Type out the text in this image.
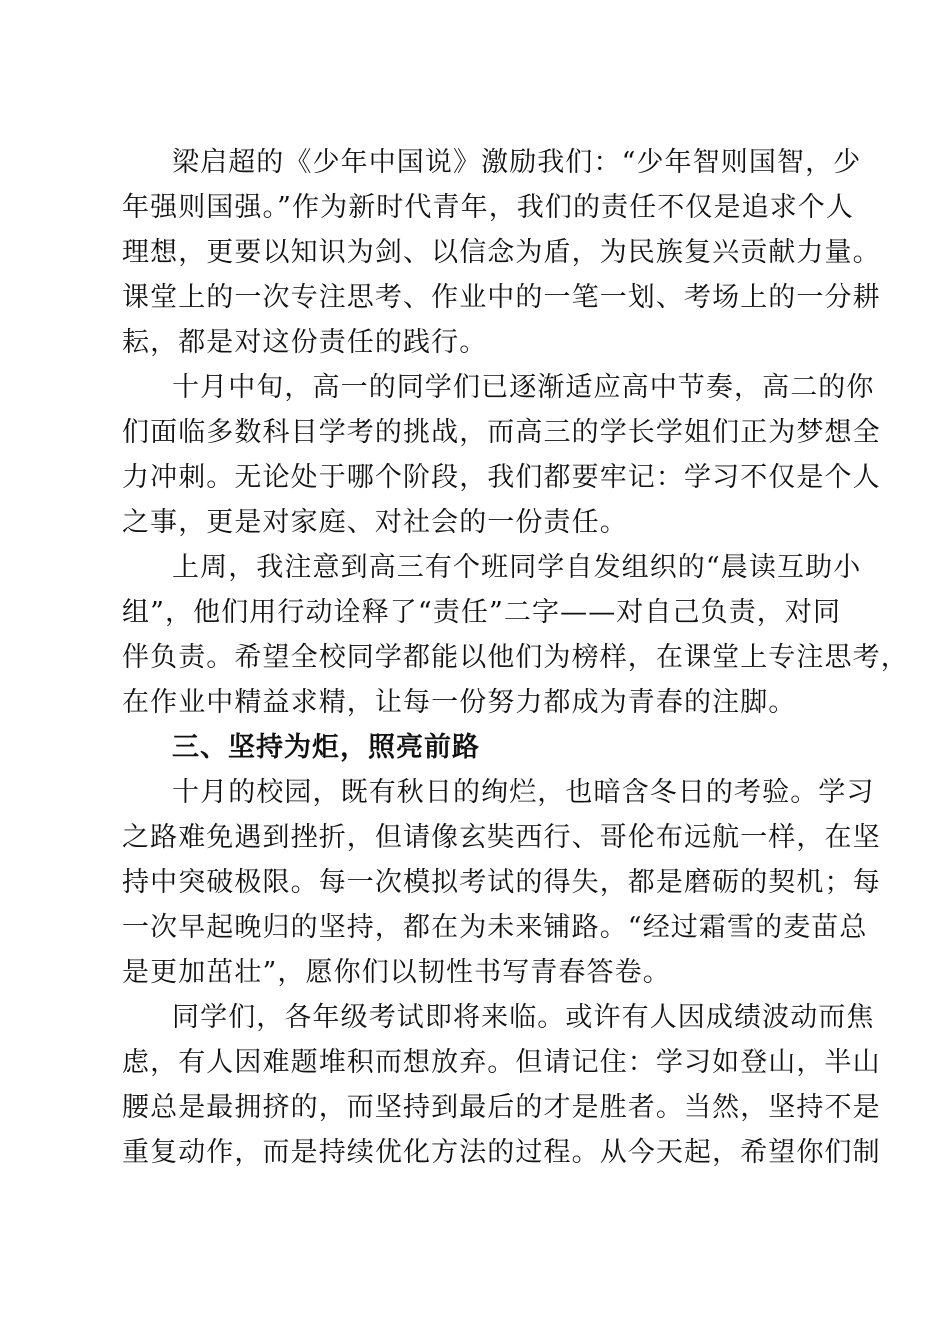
梁启超的《少年中国说》激励我们：“少年智则国智，少
年强则国强。”作为新时代青年，我们的责任不仅是追求个人
理想，更要以知识为剑、以信念为盾，为民族复兴贡献力量。
课堂上的一次专注思考、作业中的一笔一划、考场上的一分耕
耘，都是对这份责任的践行。
十月中旬，高一的同学们已逐渐适应高中节奏，高二的你
们面临多数科目学考的挑战，而高三的学长学姐们正为梦想全
力冲刺。无论处于哪个阶段，我们都要牢记：学习不仅是个人
之事，更是对家庭、对社会的一份责任。
上周，我注意到高三有个班同学自发组织的“晨读互助小
组”，他们用行动诠释了“责任”二字——对自己负责，对同
伴负责。希望全校同学都能以他们为榜样，在课堂上专注思考，
在作业中精益求精，让每一份努力都成为青春的注脚。
三、坚持为炬，照亮前路
十月的校园，既有秋日的绚烂，也暗含冬日的考验。学习
之路难免遇到挫折，但请像玄奘西行、哥伦布远航一样，在坚
持中突破极限。每一次模拟考试的得失，都是磨砺的契机；每
一次早起晚归的坚持，都在为未来铺路。“经过霜雪的麦苗总
是更加茁壮”，愿你们以韧性书写青春答卷。
同学们，各年级考试即将来临。或许有人因成绩波动而焦
虑，有人因难题堆积而想放弃。但请记住：学习如登山，半山
腰总是最拥挤的，而坚持到最后的才是胜者。当然，坚持不是
重复动作，而是持续优化方法的过程。从今天起，希望你们制
